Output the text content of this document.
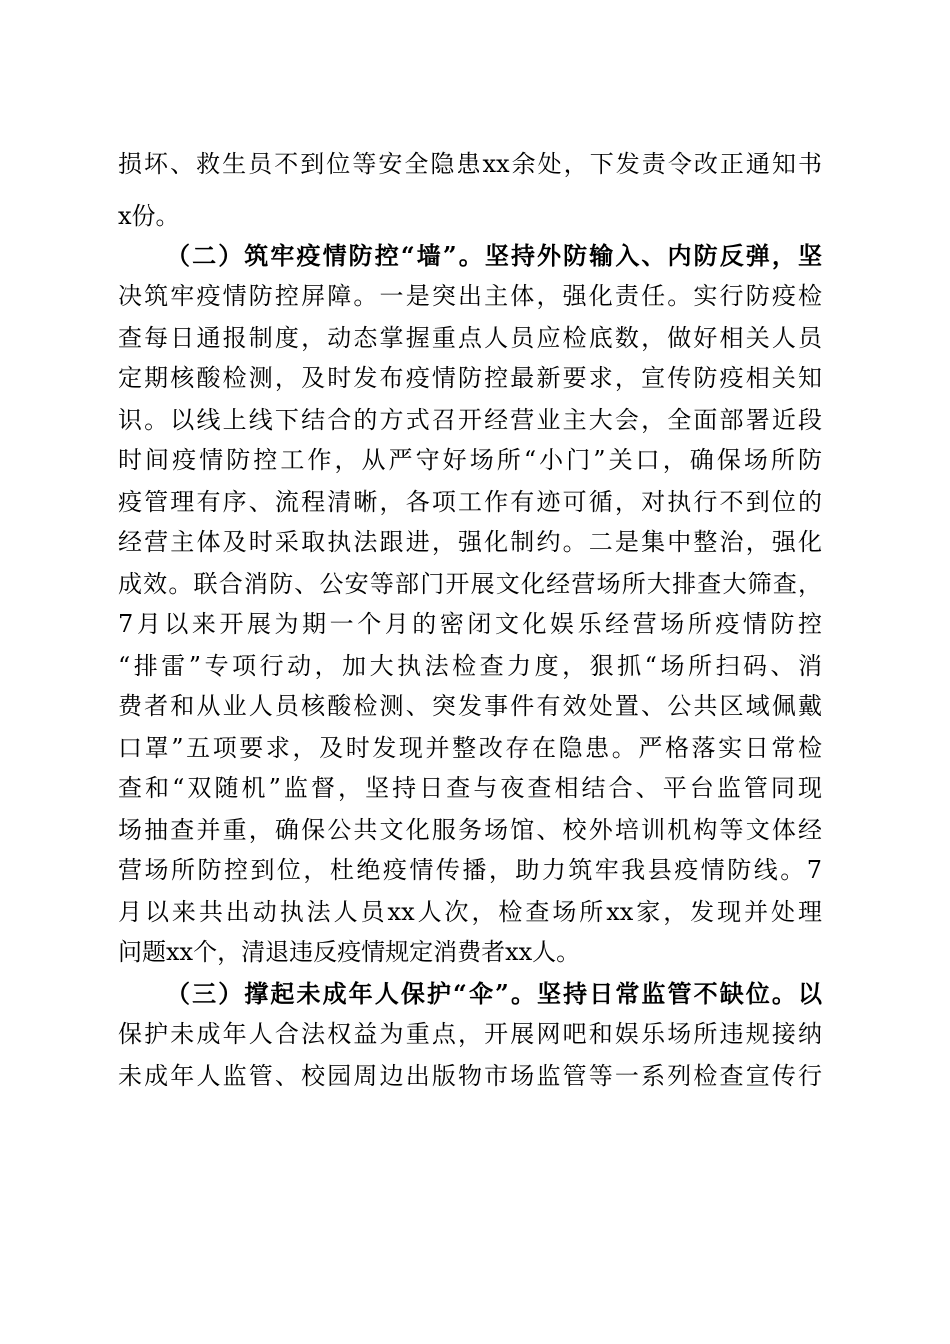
损坏、救生员不到位等安全隐患xx余处，下发责令改正通知书
x份。
（二）筑牢疫情防控“墙”。坚持外防输入、内防反弹，坚
决筑牢疫情防控屏障。一是突出主体，强化责任。实行防疫检
查每日通报制度，动态掌握重点人员应检底数，做好相关人员
定期核酸检测，及时发布疫情防控最新要求，宣传防疫相关知
识。以线上线下结合的方式召开经营业主大会，全面部署近段
时间疫情防控工作，从严守好场所“小门”关口，确保场所防
疫管理有序、流程清晰，各项工作有迹可循，对执行不到位的
经营主体及时采取执法跟进，强化制约。二是集中整治，强化
成效。联合消防、公安等部门开展文化经营场所大排查大筛查，
7月以来开展为期一个月的密闭文化娱乐经营场所疫情防控
“排雷”专项行动，加大执法检查力度，狠抓“场所扫码、消
费者和从业人员核酸检测、突发事件有效处置、公共区域佩戴
口罩”五项要求，及时发现并整改存在隐患。严格落实日常检
查和“双随机”监督，坚持日查与夜查相结合、平台监管同现
场抽查并重，确保公共文化服务场馆、校外培训机构等文体经
营场所防控到位，杜绝疫情传播，助力筑牢我县疫情防线。7
月以来共出动执法人员xx人次，检查场所xx家，发现并处理
问题xx个，清退违反疫情规定消费者xx人。
（三）撑起未成年人保护“伞”。坚持日常监管不缺位。以
保护未成年人合法权益为重点，开展网吧和娱乐场所违规接纳
未成年人监管、校园周边出版物市场监管等一系列检查宣传行
